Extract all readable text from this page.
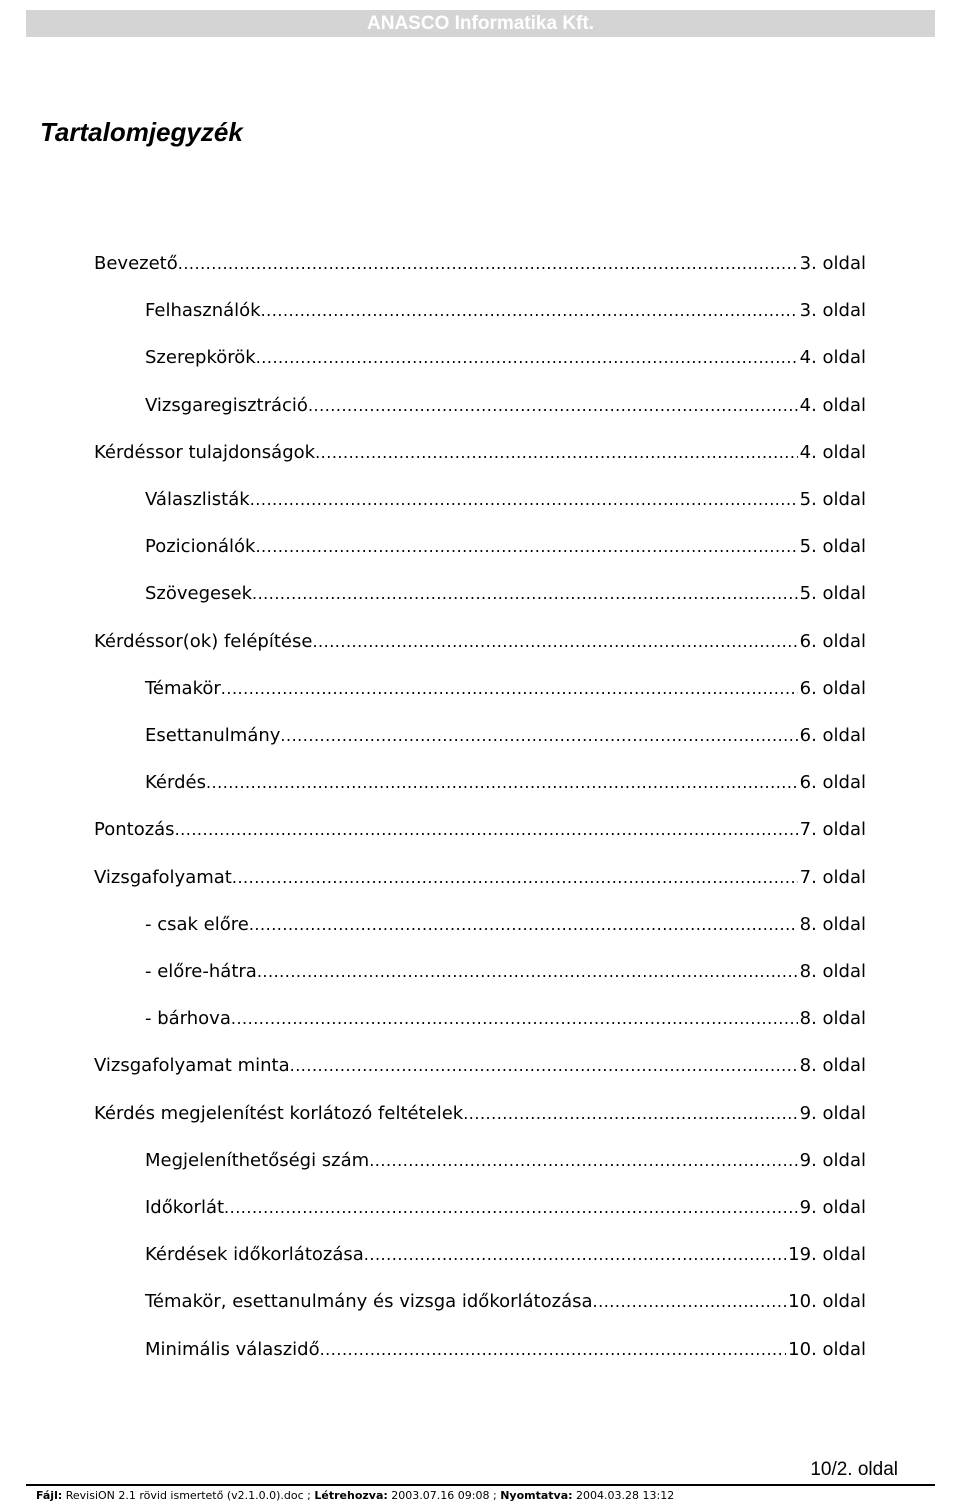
ANASCO Informatika Kft.
Tartalomjegyzék
Bevezető .....	3. oldal
Felhasználók .....	3. oldal
Szerepkörök .....	4. oldal
Vizsgaregisztráció .....	4. oldal
Kérdéssor tulajdonságok .....	4. oldal
Válaszlisták .....	5. oldal
Pozicionálók .....	5. oldal
Szövegesek .....	5. oldal
Kérdéssor(ok) felépítése .....	6. oldal
Témakör .....	6. oldal
Esettanulmány .....	6. oldal
Kérdés .....	6. oldal
Pontozás .....	7. oldal
Vizsgafolyamat .....	7. oldal
- csak előre .....	8. oldal
- előre-hátra .....	8. oldal
- bárhova .....	8. oldal
Vizsgafolyamat minta .....	8. oldal
Kérdés megjelenítést korlátozó feltételek .....	9. oldal
Megjeleníthetőségi szám .....	9. oldal
Időkorlát .....	9. oldal
Kérdések időkorlátozása .....	19. oldal
Témakör, esettanulmány és vizsga időkorlátozása .....	10. oldal
Minimális válaszidő .....	10. oldal
10/2. oldal
Fájl: RevisiON 2.1 rövid ismertető (v2.1.0.0).doc ; Létrehozva: 2003.07.16 09:08 ; Nyomtatva: 2004.03.28 13:12
